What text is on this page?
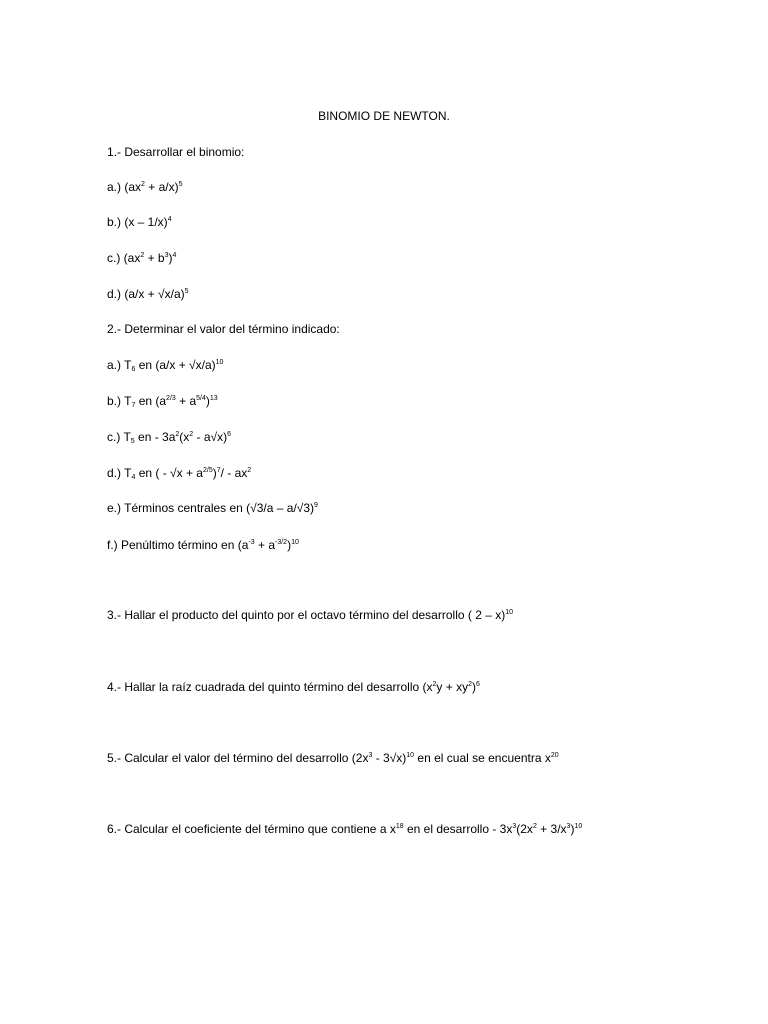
BINOMIO DE NEWTON.
1.- Desarrollar el binomio:
a.) $(ax^2 + a/x)^5$
b.) (x – 1/x)$^4$
c.) $(ax^2 + b^3)^4$
d.) $(a/x + √x/a)^5$
2.- Determinar el valor del término indicado:
a.) $T_6$ en $(a/x + √x/a)^{10}$
b.) $T_7$ en $(a^{2/3} + a^{5/4})^{13}$
c.) $T_5$ en - $3a^2(x^2 - a√x)^6$
d.) $T_4$ en ( - $√x + a^{2/5})^7/ - ax^2$
e.) Términos centrales en (√3/a – a/√3)$^9$
f.) Penúltimo término en $(a^{-3} + a^{-3/2})^{10}$
3.- Hallar el producto del quinto por el octavo término del desarrollo ( 2 – x)$^{10}$
4.- Hallar la raíz cuadrada del quinto término del desarrollo $(x^2y + xy^2)^6$
5.- Calcular el valor del término del desarrollo $(2x^3 - 3√x)^{10}$ en el cual se encuentra $x^{20}$
6.- Calcular el coeficiente del término que contiene a $x^{18}$ en el desarrollo - $3x^3(2x^2 + 3/x^3)^{10}$
